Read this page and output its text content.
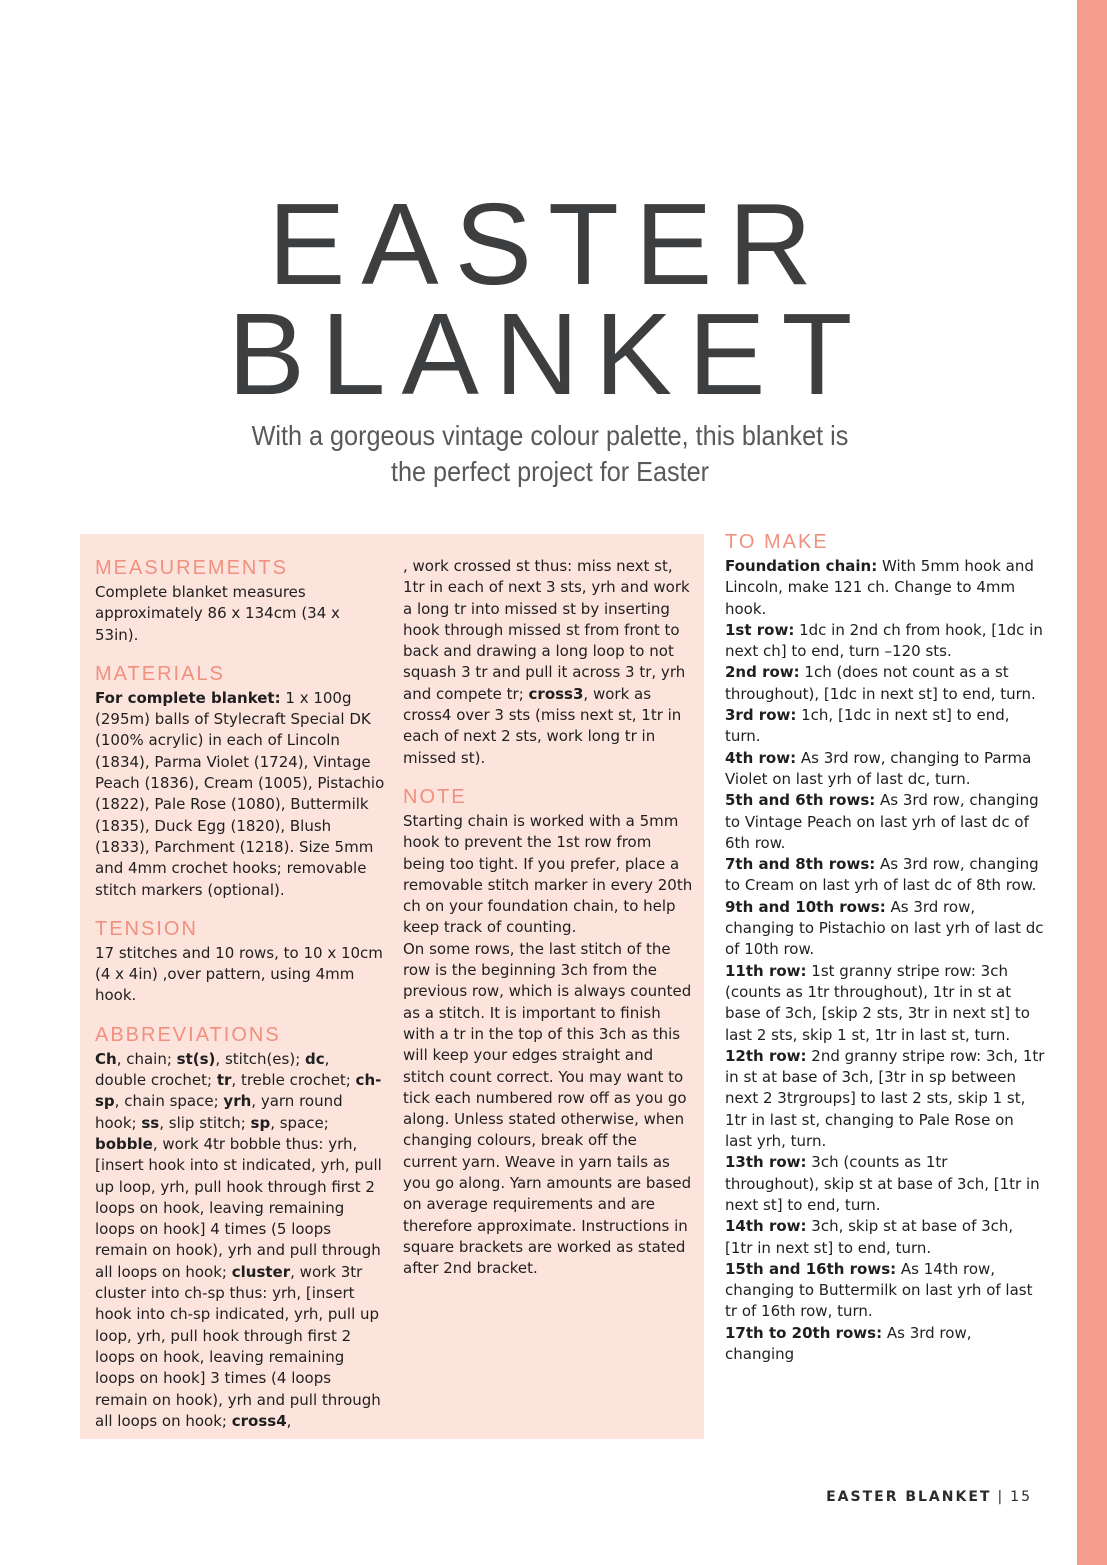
EASTER
BLANKET
With a gorgeous vintage colour palette, this blanket is
the perfect project for Easter
MEASUREMENTS

Complete blanket measures approximately 86 x 134cm (34 x 53in).

MATERIALS

For complete blanket: 1 x 100g (295m) balls of Stylecraft Special DK (100% acrylic) in each of Lincoln (1834), Parma Violet (1724), Vintage Peach (1836), Cream (1005), Pistachio (1822), Pale Rose (1080), Buttermilk (1835), Duck Egg (1820), Blush (1833), Parchment (1218). Size 5mm and 4mm crochet hooks; removable stitch markers (optional).

TENSION

17 stitches and 10 rows, to 10 x 10cm (4 x 4in) ,over pattern, using 4mm hook.

ABBREVIATIONS

Ch, chain; st(s), stitch(es); dc, double crochet; tr, treble crochet; ch-sp, chain space; yrh, yarn round hook; ss, slip stitch; sp, space; bobble, work 4tr bobble thus: yrh, [insert hook into st indicated, yrh, pull up loop, yrh, pull hook through first 2 loops on hook, leaving remaining loops on hook] 4 times (5 loops remain on hook), yrh and pull through all loops on hook; cluster, work 3tr cluster into ch-sp thus: yrh, [insert hook into ch-sp indicated, yrh, pull up loop, yrh, pull hook through first 2 loops on hook, leaving remaining loops on hook] 3 times (4 loops remain on hook), yrh and pull through all loops on hook; cross4,

, work crossed st thus: miss next st, 1tr in each of next 3 sts, yrh and work a long tr into missed st by inserting hook through missed st from front to back and drawing a long loop to not squash 3 tr and pull it across 3 tr, yrh and compete tr; cross3, work as cross4 over 3 sts (miss next st, 1tr in each of next 2 sts, work long tr in missed st).

NOTE

Starting chain is worked with a 5mm hook to prevent the 1st row from being too tight. If you prefer, place a removable stitch marker in every 20th ch on your foundation chain, to help keep track of counting.

On some rows, the last stitch of the row is the beginning 3ch from the previous row, which is always counted as a stitch. It is important to finish with a tr in the top of this 3ch as this will keep your edges straight and stitch count correct. You may want to tick each numbered row off as you go along. Unless stated otherwise, when changing colours, break off the current yarn. Weave in yarn tails as you go along. Yarn amounts are based on average requirements and are therefore approximate. Instructions in square brackets are worked as stated after 2nd bracket.

TO MAKE

Foundation chain: With 5mm hook and Lincoln, make 121 ch. Change to 4mm hook.

1st row: 1dc in 2nd ch from hook, [1dc in next ch] to end, turn –120 sts.

2nd row: 1ch (does not count as a st throughout), [1dc in next st] to end, turn.

3rd row: 1ch, [1dc in next st] to end, turn.

4th row: As 3rd row, changing to Parma Violet on last yrh of last dc, turn.

5th and 6th rows: As 3rd row, changing to Vintage Peach on last yrh of last dc of 6th row.

7th and 8th rows: As 3rd row, changing to Cream on last yrh of last dc of 8th row.

9th and 10th rows: As 3rd row, changing to Pistachio on last yrh of last dc of 10th row.

11th row: 1st granny stripe row: 3ch (counts as 1tr throughout), 1tr in st at base of 3ch, [skip 2 sts, 3tr in next st] to last 2 sts, skip 1 st, 1tr in last st, turn.

12th row: 2nd granny stripe row: 3ch, 1tr in st at base of 3ch, [3tr in sp between next 2 3trgroups] to last 2 sts, skip 1 st, 1tr in last st, changing to Pale Rose on last yrh, turn.

13th row: 3ch (counts as 1tr throughout), skip st at base of 3ch, [1tr in next st] to end, turn.

14th row: 3ch, skip st at base of 3ch, [1tr in next st] to end, turn.

15th and 16th rows: As 14th row, changing to Buttermilk on last yrh of last tr of 16th row, turn.

17th to 20th rows: As 3rd row, changing

EASTER BLANKET | 15
